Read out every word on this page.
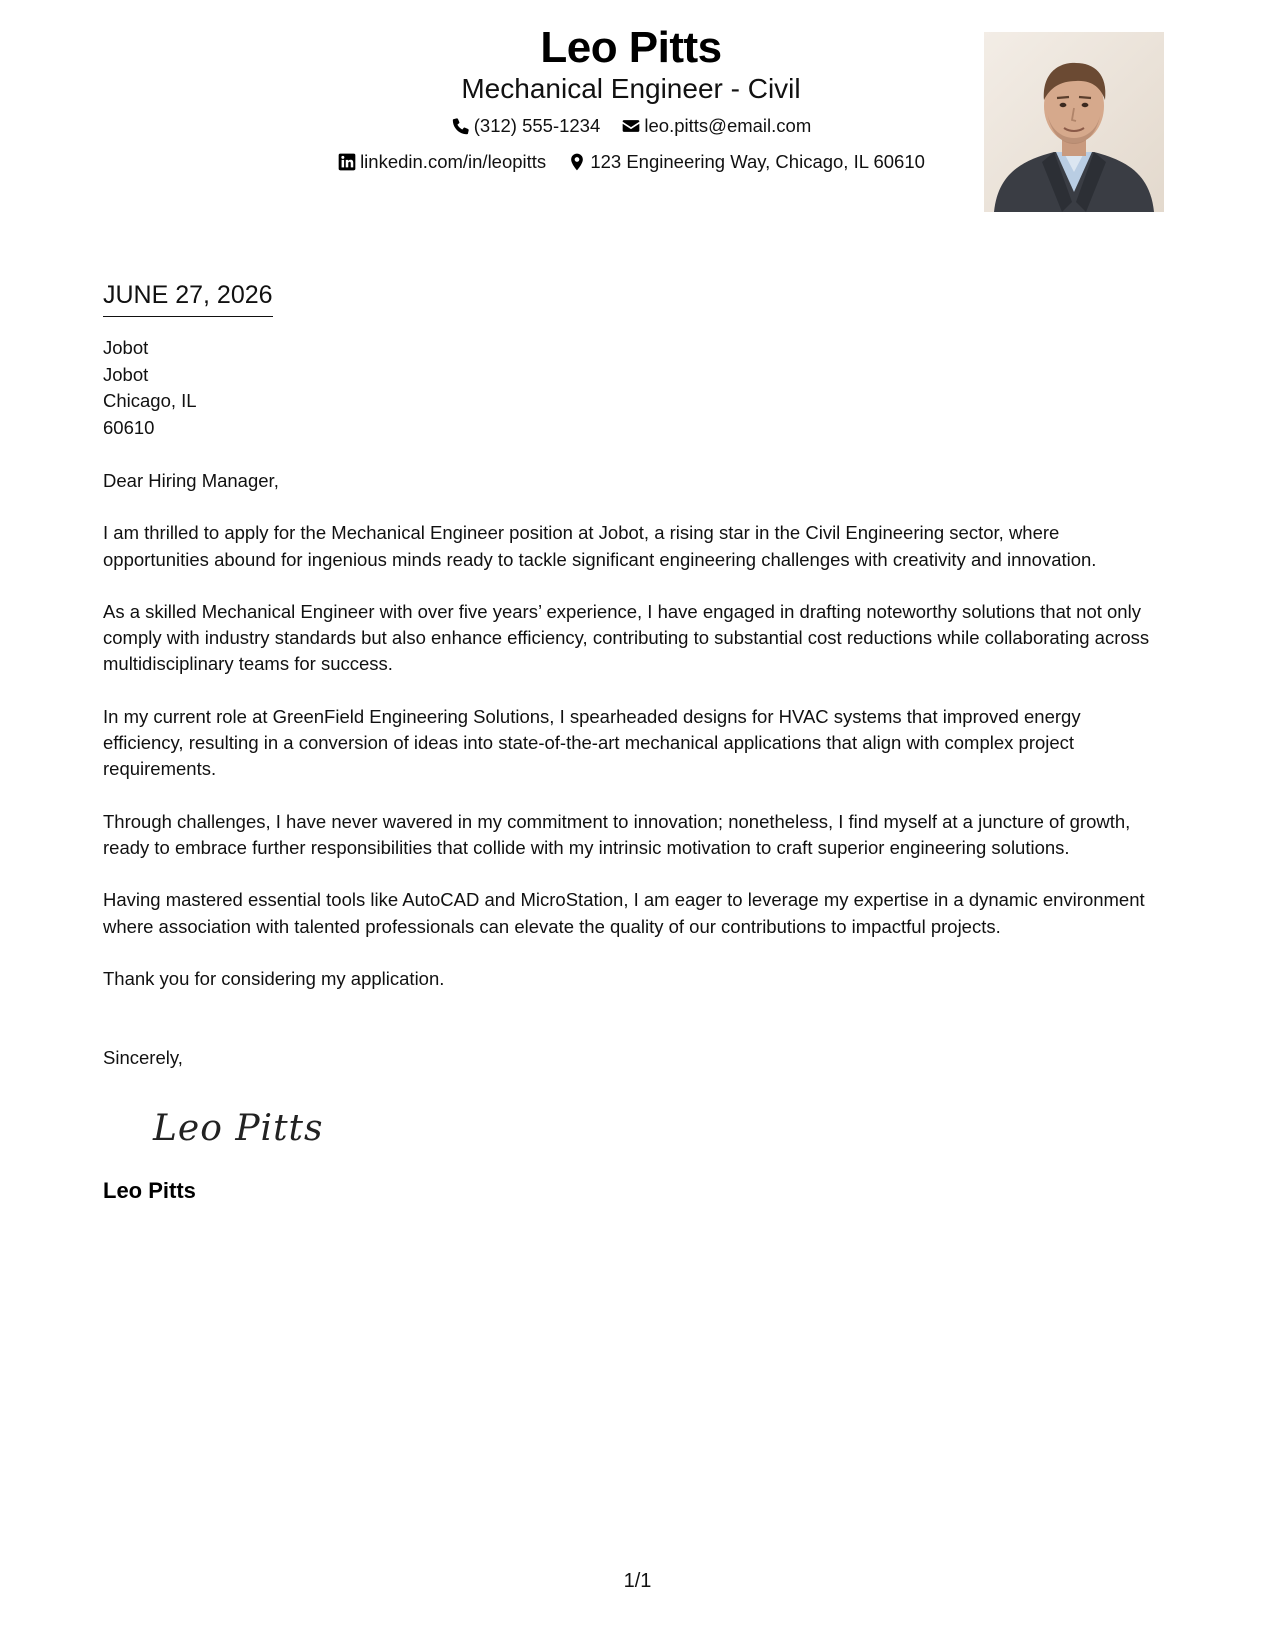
Leo Pitts
Mechanical Engineer - Civil
(312) 555-1234
leo.pitts@email.com
linkedin.com/in/leopitts
123 Engineering Way, Chicago, IL 60610
JUNE 27, 2026
Jobot
Jobot
Chicago, IL
60610
Dear Hiring Manager,
I am thrilled to apply for the Mechanical Engineer position at Jobot, a rising star in the Civil Engineering sector, where opportunities abound for ingenious minds ready to tackle significant engineering challenges with creativity and innovation.
As a skilled Mechanical Engineer with over five years’ experience, I have engaged in drafting noteworthy solutions that not only comply with industry standards but also enhance efficiency, contributing to substantial cost reductions while collaborating across multidisciplinary teams for success.
In my current role at GreenField Engineering Solutions, I spearheaded designs for HVAC systems that improved energy efficiency, resulting in a conversion of ideas into state-of-the-art mechanical applications that align with complex project requirements.
Through challenges, I have never wavered in my commitment to innovation; nonetheless, I find myself at a juncture of growth, ready to embrace further responsibilities that collide with my intrinsic motivation to craft superior engineering solutions.
Having mastered essential tools like AutoCAD and MicroStation, I am eager to leverage my expertise in a dynamic environment where association with talented professionals can elevate the quality of our contributions to impactful projects.
Thank you for considering my application.
Sincerely,
Leo Pitts
Leo Pitts
1/1
